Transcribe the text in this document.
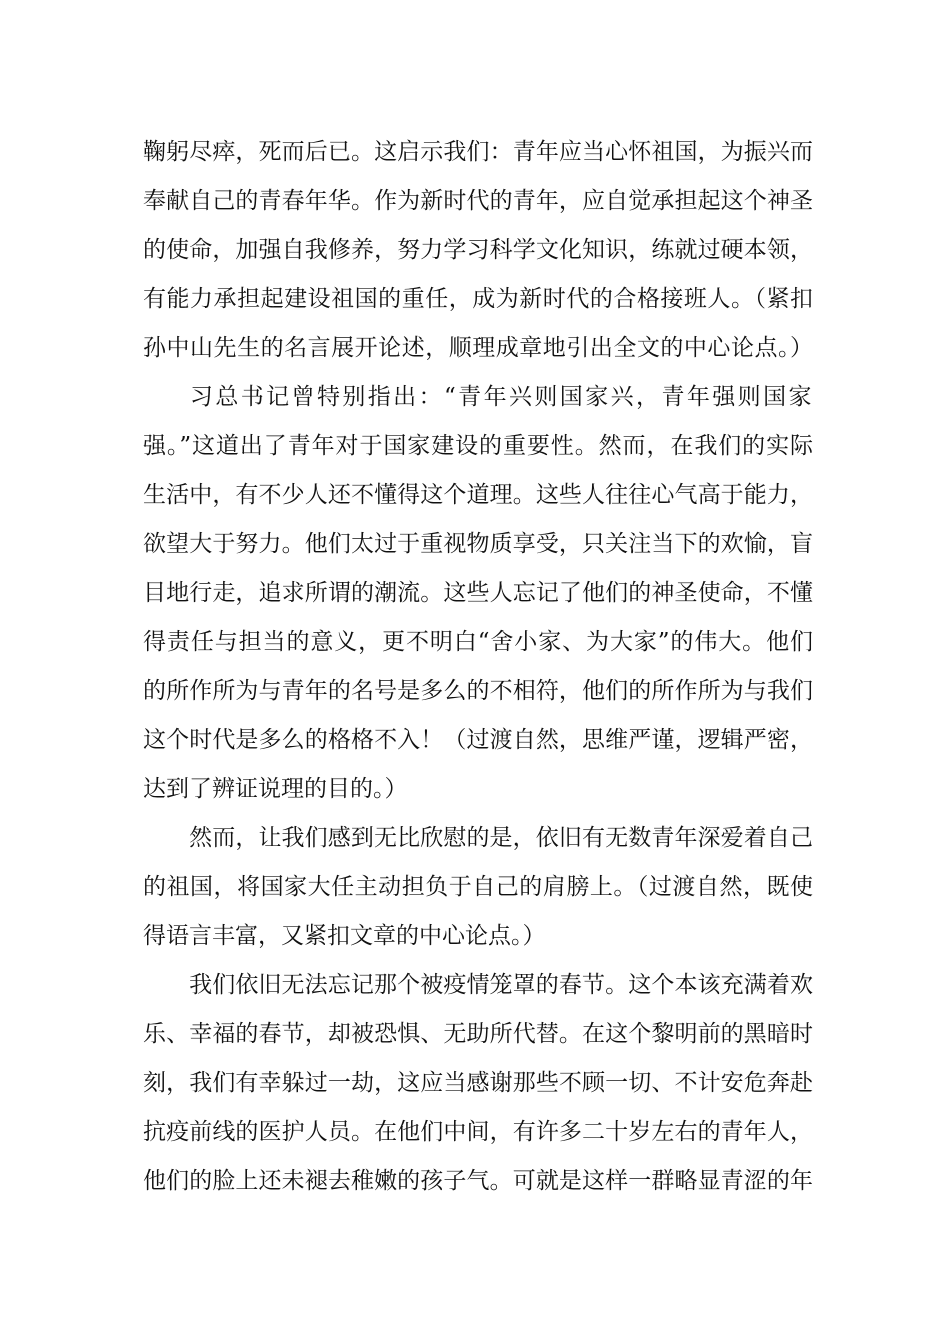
鞠躬尽瘁，死而后已。这启示我们：青年应当心怀祖国，为振兴而
奉献自己的青春年华。作为新时代的青年，应自觉承担起这个神圣
的使命，加强自我修养，努力学习科学文化知识，练就过硬本领，
有能力承担起建设祖国的重任，成为新时代的合格接班人。（紧扣
孙中山先生的名言展开论述，顺理成章地引出全文的中心论点。）
习总书记曾特别指出：“青年兴则国家兴，青年强则国家
强。”这道出了青年对于国家建设的重要性。然而，在我们的实际
生活中，有不少人还不懂得这个道理。这些人往往心气高于能力，
欲望大于努力。他们太过于重视物质享受，只关注当下的欢愉，盲
目地行走，追求所谓的潮流。这些人忘记了他们的神圣使命，不懂
得责任与担当的意义，更不明白“舍小家、为大家”的伟大。他们
的所作所为与青年的名号是多么的不相符，他们的所作所为与我们
这个时代是多么的格格不入！（过渡自然，思维严谨，逻辑严密，
达到了辨证说理的目的。）
然而，让我们感到无比欣慰的是，依旧有无数青年深爱着自己
的祖国，将国家大任主动担负于自己的肩膀上。（过渡自然，既使
得语言丰富，又紧扣文章的中心论点。）
我们依旧无法忘记那个被疫情笼罩的春节。这个本该充满着欢
乐、幸福的春节，却被恐惧、无助所代替。在这个黎明前的黑暗时
刻，我们有幸躲过一劫，这应当感谢那些不顾一切、不计安危奔赴
抗疫前线的医护人员。在他们中间，有许多二十岁左右的青年人，
他们的脸上还未褪去稚嫩的孩子气。可就是这样一群略显青涩的年
